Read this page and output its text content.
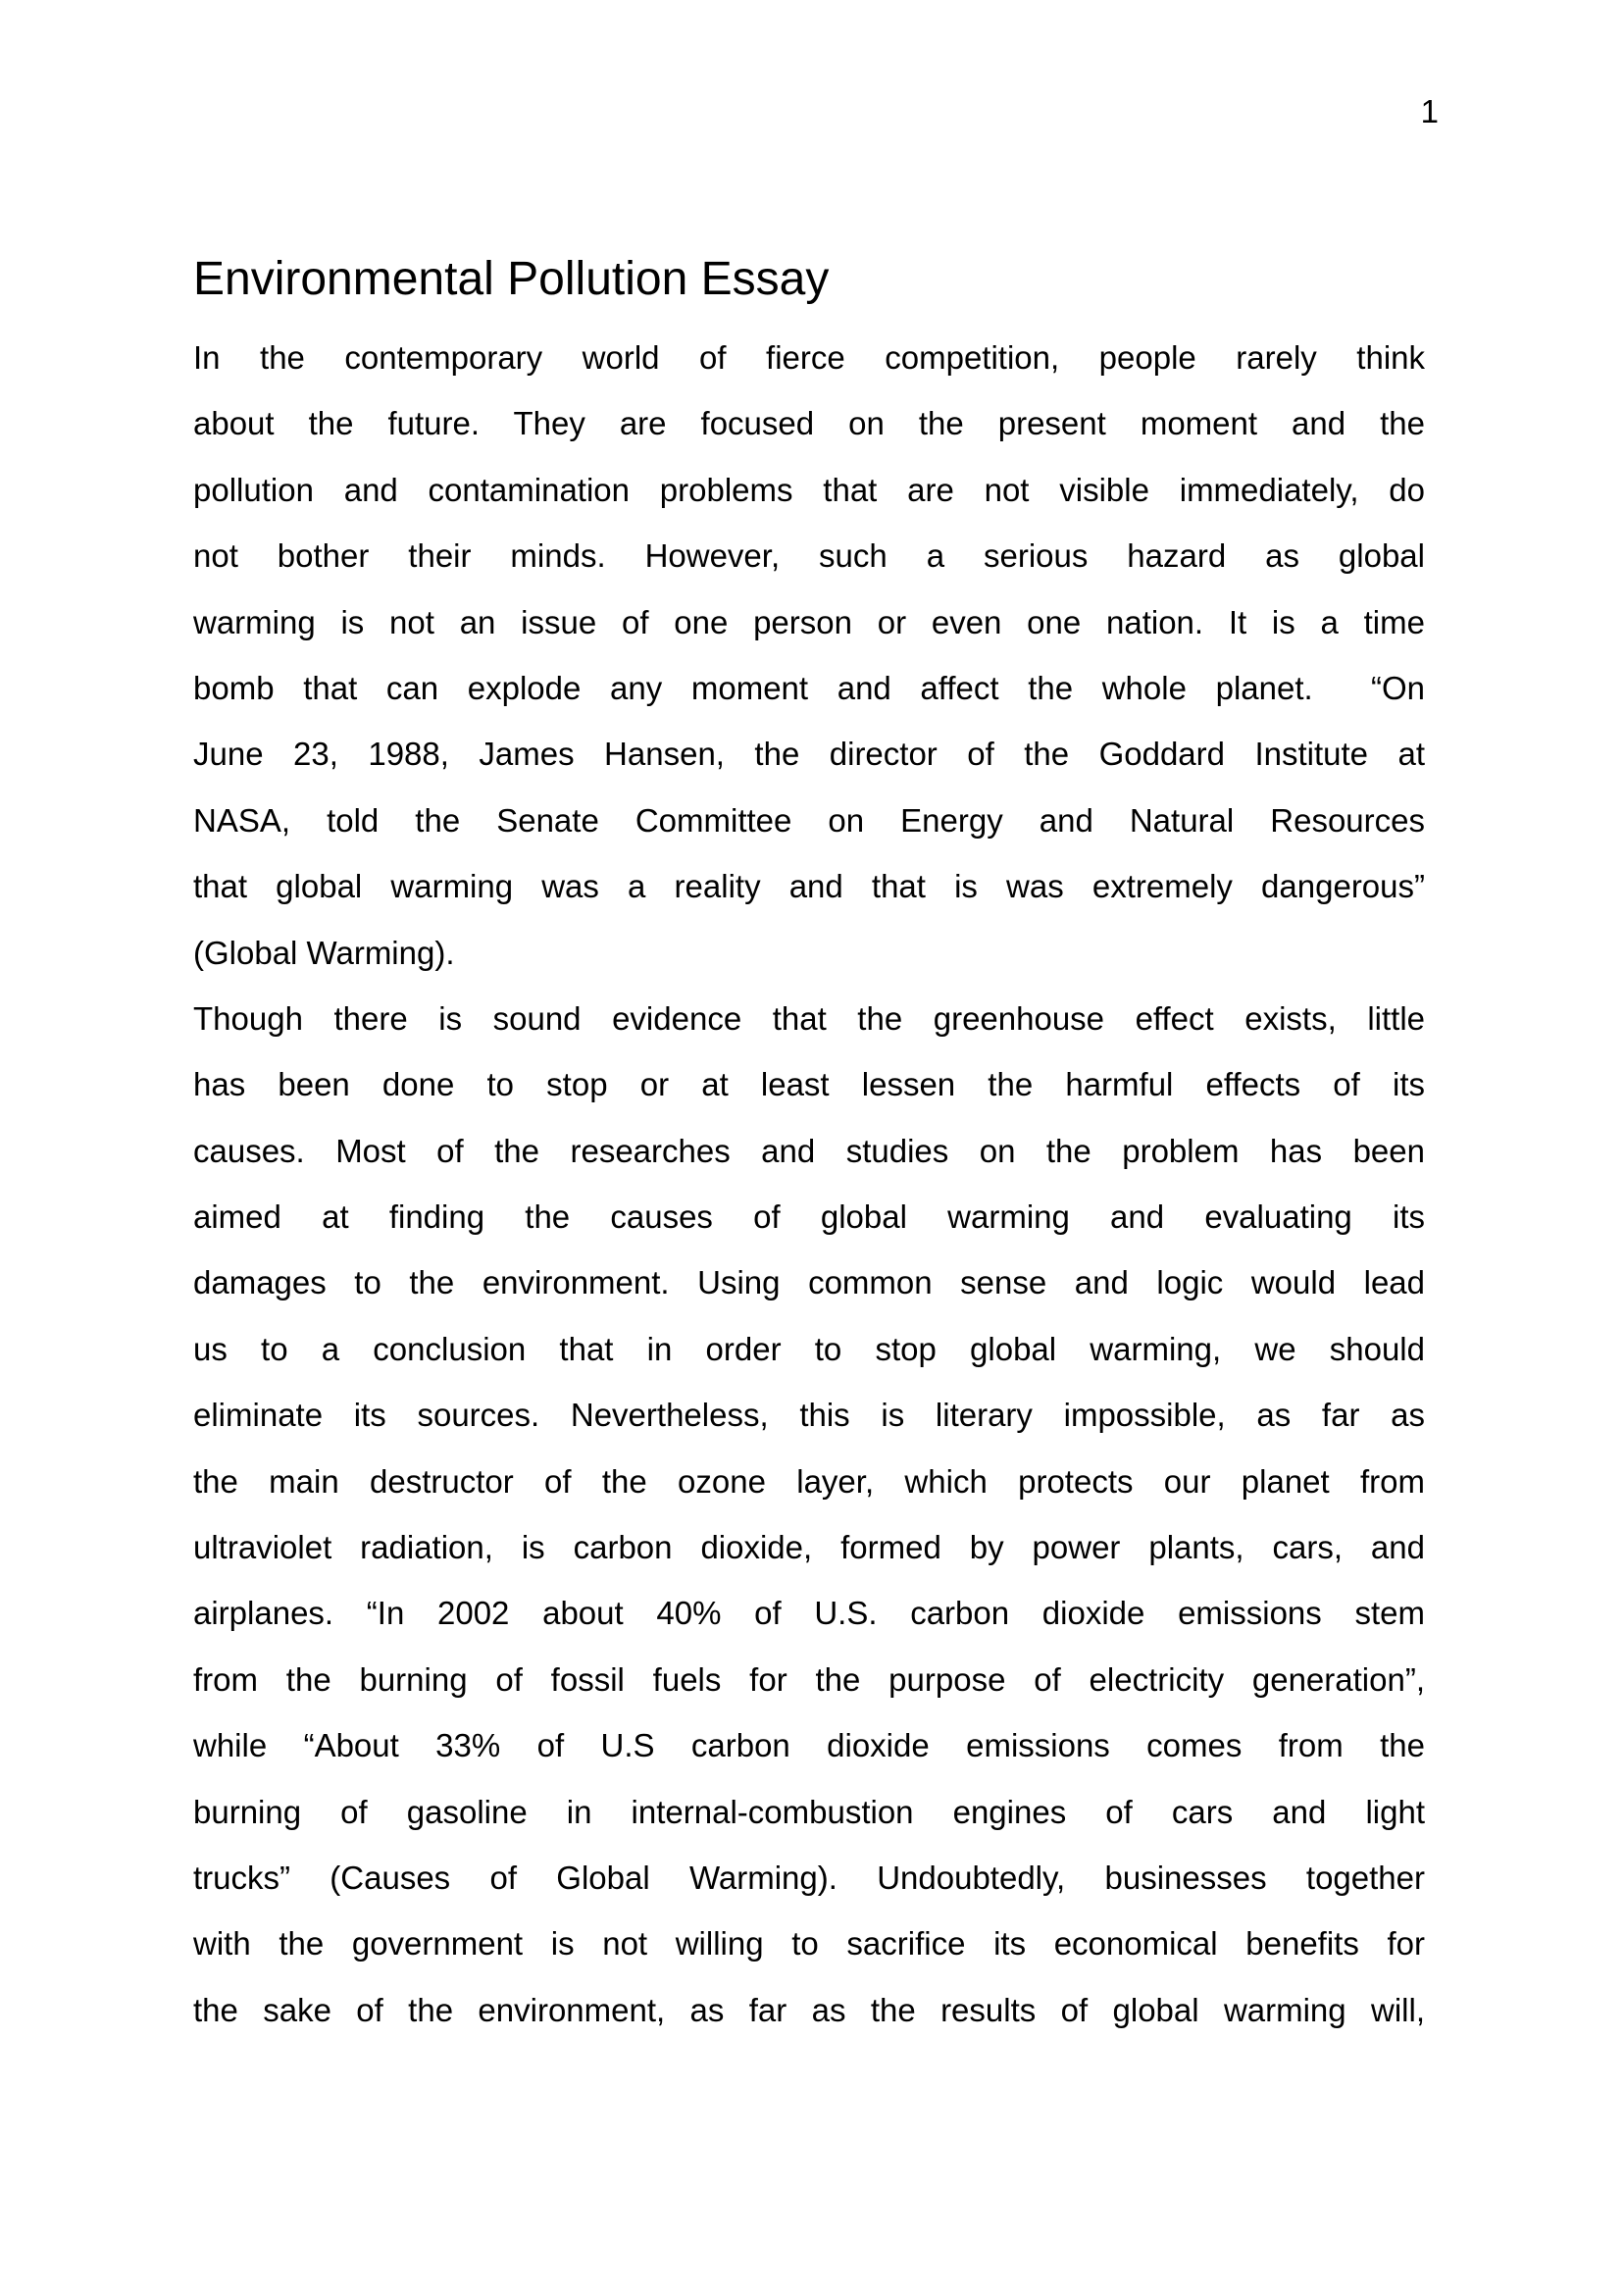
1
Environmental Pollution Essay
In the contemporary world of fierce competition, people rarely think
about the future. They are focused on the present moment and the
pollution and contamination problems that are not visible immediately, do
not bother their minds. However, such a serious hazard as global
warming is not an issue of one person or even one nation. It is a time
bomb that can explode any moment and affect the whole planet.  “On
June 23, 1988, James Hansen, the director of the Goddard Institute at
NASA, told the Senate Committee on Energy and Natural Resources
that global warming was a reality and that is was extremely dangerous”
(Global Warming).
Though there is sound evidence that the greenhouse effect exists, little
has been done to stop or at least lessen the harmful effects of its
causes. Most of the researches and studies on the problem has been
aimed at finding the causes of global warming and evaluating its
damages to the environment. Using common sense and logic would lead
us to a conclusion that in order to stop global warming, we should
eliminate its sources. Nevertheless, this is literary impossible, as far as
the main destructor of the ozone layer, which protects our planet from
ultraviolet radiation, is carbon dioxide, formed by power plants, cars, and
airplanes. “In 2002 about 40% of U.S. carbon dioxide emissions stem
from the burning of fossil fuels for the purpose of electricity generation”,
while “About 33% of U.S carbon dioxide emissions comes from the
burning of gasoline in internal-combustion engines of cars and light
trucks” (Causes of Global Warming). Undoubtedly, businesses together
with the government is not willing to sacrifice its economical benefits for
the sake of the environment, as far as the results of global warming will,
